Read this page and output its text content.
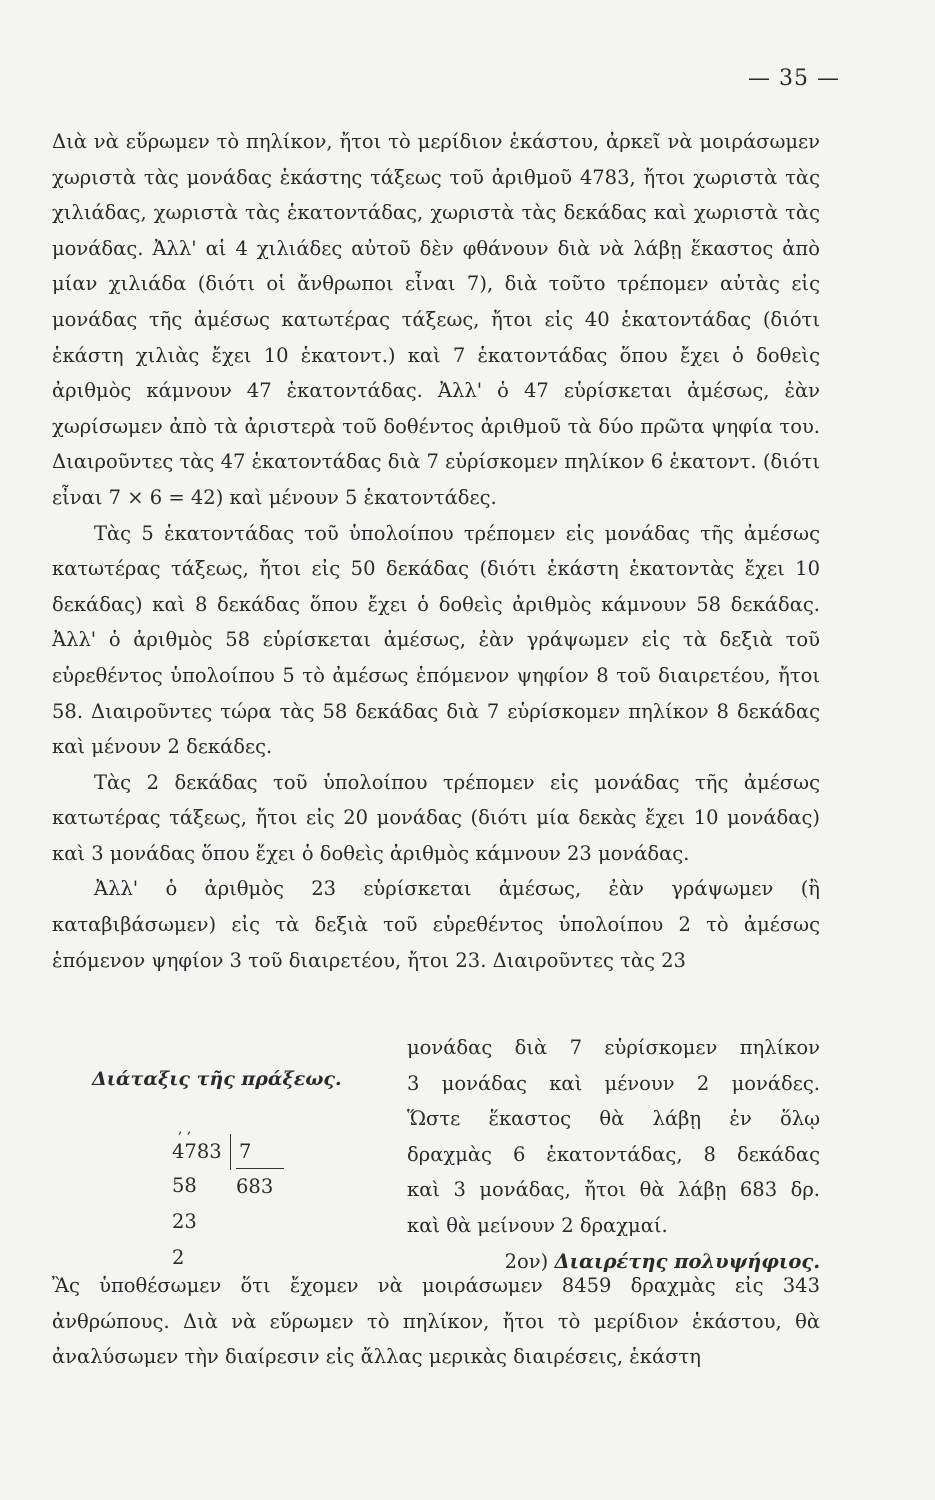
— 35 —

Διὰ νὰ εὕρωμεν τὸ πηλίκον, ἤτοι τὸ μερίδιον ἑκάστου, ἀρκεῖ νὰ μοιράσωμεν χωριστὰ τὰς μονάδας ἑκάστης τάξεως τοῦ ἀριθμοῦ 4783, ἤτοι χωριστὰ τὰς χιλιάδας, χωριστὰ τὰς ἑκατοντάδας, χωριστὰ τὰς δεκάδας καὶ χωριστὰ τὰς μονάδας. Ἀλλ' αἱ 4 χιλιάδες αὐτοῦ δὲν φθάνουν διὰ νὰ λάβῃ ἕκαστος ἀπὸ μίαν χιλιάδα (διότι οἱ ἄνθρωποι εἶναι 7), διὰ τοῦτο τρέπομεν αὐτὰς εἰς μονάδας τῆς ἀμέσως κατωτέρας τάξεως, ἤτοι εἰς 40 ἑκατοντάδας (διότι ἑκάστη χιλιὰς ἔχει 10 ἑκατοντ.) καὶ 7 ἑκατοντάδας ὅπου ἔχει ὁ δοθεὶς ἀριθμὸς κάμνουν 47 ἑκατοντάδας. Ἀλλ' ὁ 47 εὑρίσκεται ἀμέσως, ἐὰν χωρίσωμεν ἀπὸ τὰ ἀριστερὰ τοῦ δοθέντος ἀριθμοῦ τὰ δύο πρῶτα ψηφία του. Διαιροῦντες τὰς 47 ἑκατοντάδας διὰ 7 εὑρίσκομεν πηλίκον 6 ἑκατοντ. (διότι εἶναι 7 × 6 = 42) καὶ μένουν 5 ἑκατοντάδες.

Τὰς 5 ἑκατοντάδας τοῦ ὑπολοίπου τρέπομεν εἰς μονάδας τῆς ἀμέσως κατωτέρας τάξεως, ἤτοι εἰς 50 δεκάδας (διότι ἑκάστη ἑκατοντὰς ἔχει 10 δεκάδας) καὶ 8 δεκάδας ὅπου ἔχει ὁ δοθεὶς ἀριθμὸς κάμνουν 58 δεκάδας. Ἀλλ' ὁ ἀριθμὸς 58 εὑρίσκεται ἀμέσως, ἐὰν γράψωμεν εἰς τὰ δεξιὰ τοῦ εὑρεθέντος ὑπολοίπου 5 τὸ ἀμέσως ἑπόμενον ψηφίον 8 τοῦ διαιρετέου, ἤτοι 58. Διαιροῦντες τώρα τὰς 58 δεκάδας διὰ 7 εὑρίσκομεν πηλίκον 8 δεκάδας καὶ μένουν 2 δεκάδες.

Τὰς 2 δεκάδας τοῦ ὑπολοίπου τρέπομεν εἰς μονάδας τῆς ἀμέσως κατωτέρας τάξεως, ἤτοι εἰς 20 μονάδας (διότι μία δεκὰς ἔχει 10 μονάδας) καὶ 3 μονάδας ὅπου ἔχει ὁ δοθεὶς ἀριθμὸς κάμνουν 23 μονάδας.

Ἀλλ' ὁ ἀριθμὸς 23 εὑρίσκεται ἀμέσως, ἐὰν γράψωμεν (ἢ καταβιβάσωμεν) εἰς τὰ δεξιὰ τοῦ εὑρεθέντος ὑπολοίπου 2 τὸ ἀμέσως ἑπόμενον ψηφίον 3 τοῦ διαιρετέου, ἤτοι 23. Διαιροῦντες τὰς 23

Διάταξις τῆς πράξεως.
, ,
4783 7
683
58
23
2
μονάδας διὰ 7 εὑρίσκομεν πηλίκον
3 μονάδας καὶ μένουν 2 μονάδες.
Ὥστε ἕκαστος θὰ λάβῃ ἐν ὅλῳ
δραχμὰς 6 ἑκατοντάδας, 8 δεκάδας
καὶ 3 μονάδας, ἤτοι θὰ λάβῃ 683 δρ.
καὶ θὰ μείνουν 2 δραχμαί.
2ον) Διαιρέτης πολυψήφιος.

Ἂς ὑποθέσωμεν ὅτι ἔχομεν νὰ μοιράσωμεν 8459 δραχμὰς εἰς 343 ἀνθρώπους. Διὰ νὰ εὕρωμεν τὸ πηλίκον, ἤτοι τὸ μερίδιον ἑκάστου, θὰ ἀναλύσωμεν τὴν διαίρεσιν εἰς ἄλλας μερικὰς διαιρέσεις, ἑκάστη
